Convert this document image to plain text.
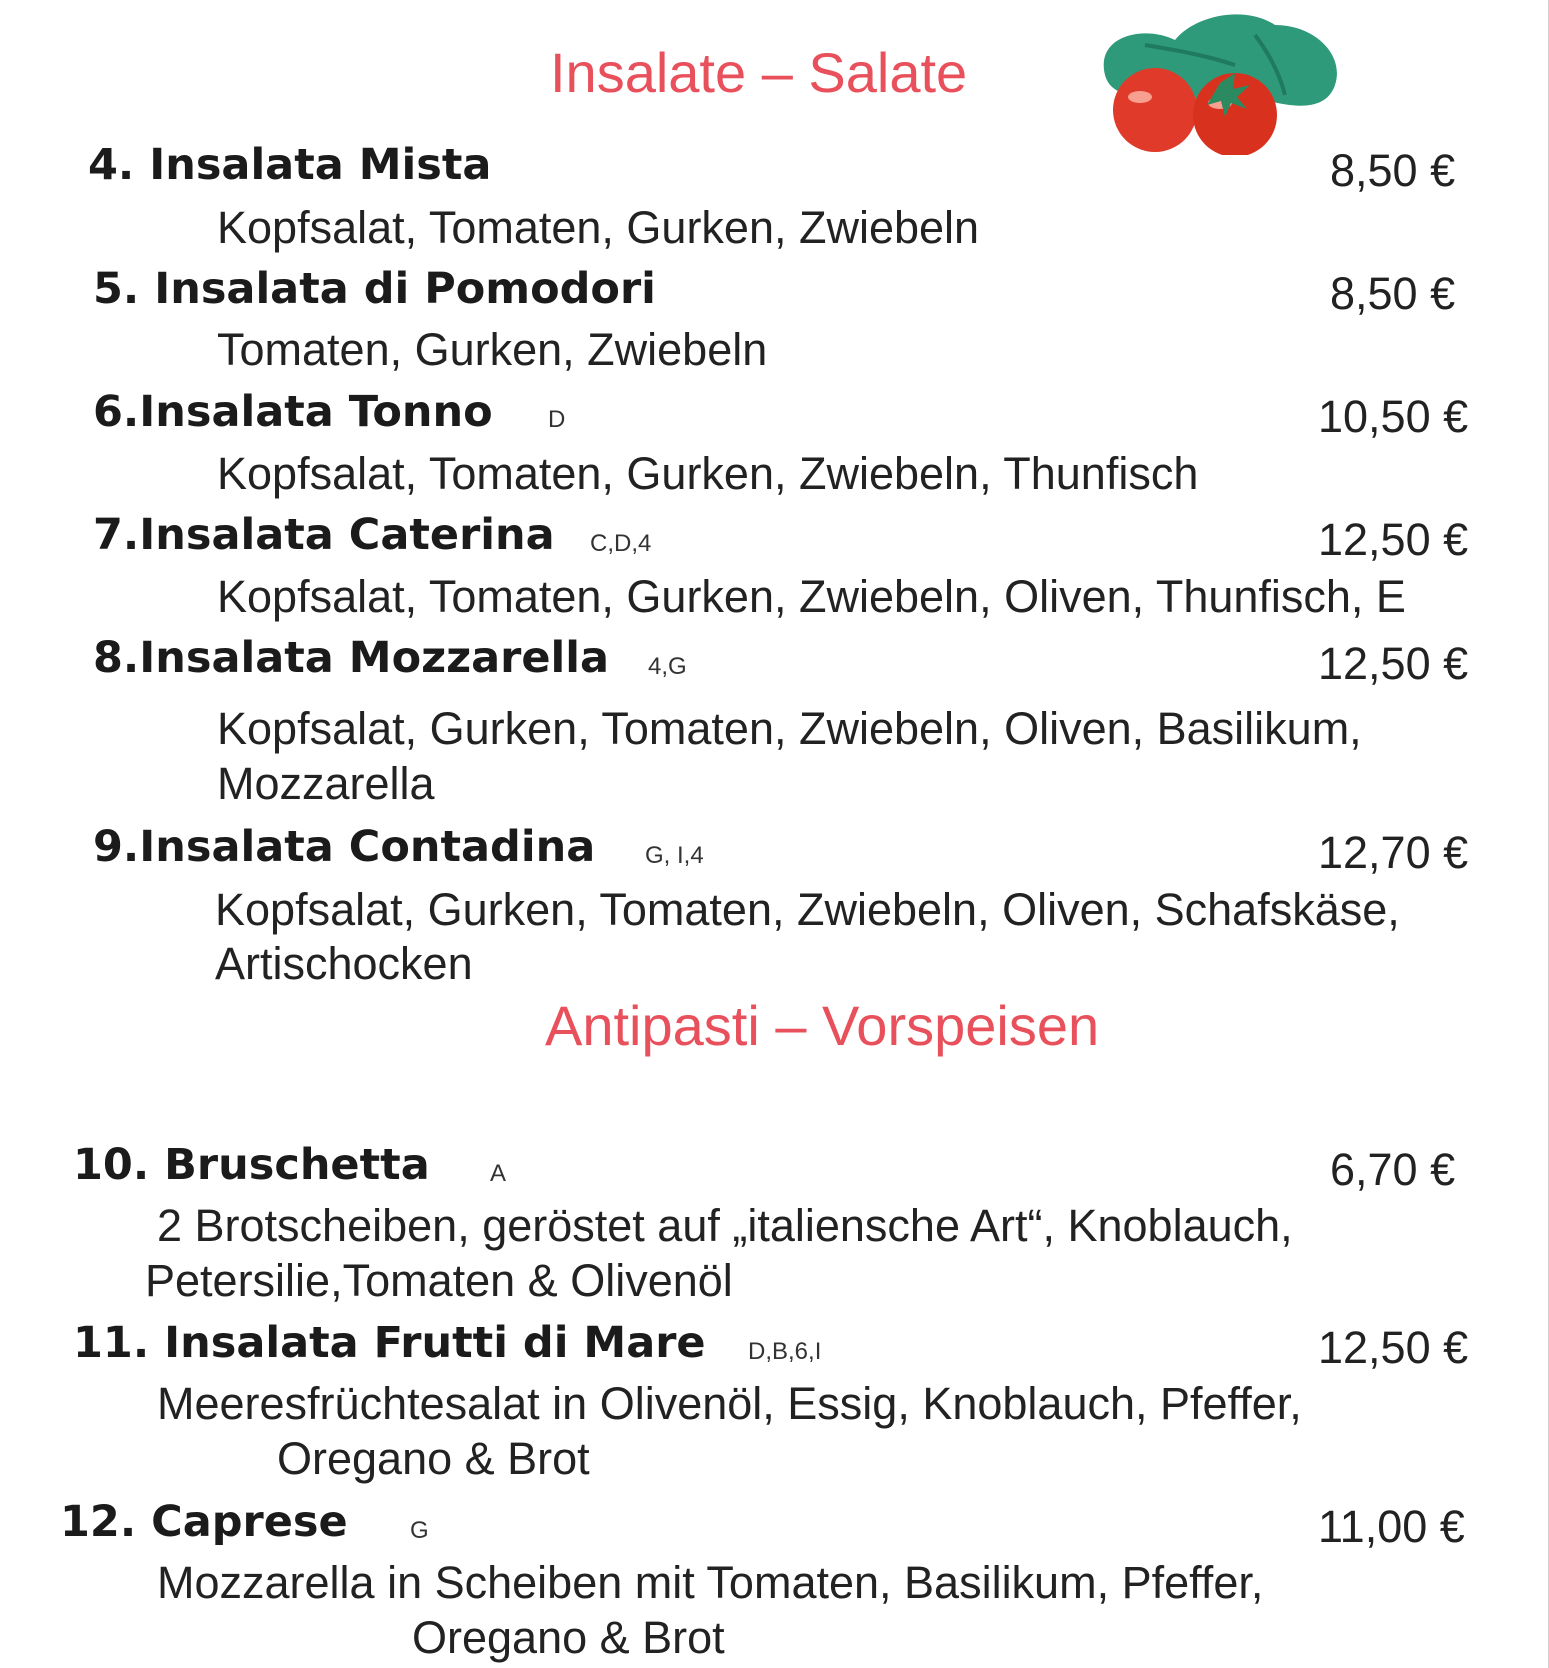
Insalate – Salate
4. Insalata Mista	8,50 €
Kopfsalat, Tomaten, Gurken, Zwiebeln
5. Insalata di Pomodori	8,50 €
Tomaten, Gurken, Zwiebeln
6.Insalata Tonno D	10,50 €
Kopfsalat, Tomaten, Gurken, Zwiebeln, Thunfisch
7.Insalata Caterina C,D,4	12,50 €
Kopfsalat, Tomaten, Gurken, Zwiebeln, Oliven, Thunfisch, E
8.Insalata Mozzarella 4,G	12,50 €
Kopfsalat, Gurken, Tomaten, Zwiebeln, Oliven, Basilikum,
Mozzarella
9.Insalata Contadina G, I,4	12,70 €
Kopfsalat, Gurken, Tomaten, Zwiebeln, Oliven, Schafskäse,
Artischocken
Antipasti – Vorspeisen
10. Bruschetta	A	6,70 €
2 Brotscheiben, geröstet auf „italiensche Art“, Knoblauch,
Petersilie,Tomaten & Olivenöl
11. Insalata Frutti di Mare D,B,6,I	12,50 €
Meeresfrüchtesalat in Olivenöl, Essig, Knoblauch, Pfeffer,
Oregano & Brot
12. Caprese	G	11,00 €
Mozzarella in Scheiben mit Tomaten, Basilikum, Pfeffer,
Oregano & Brot
